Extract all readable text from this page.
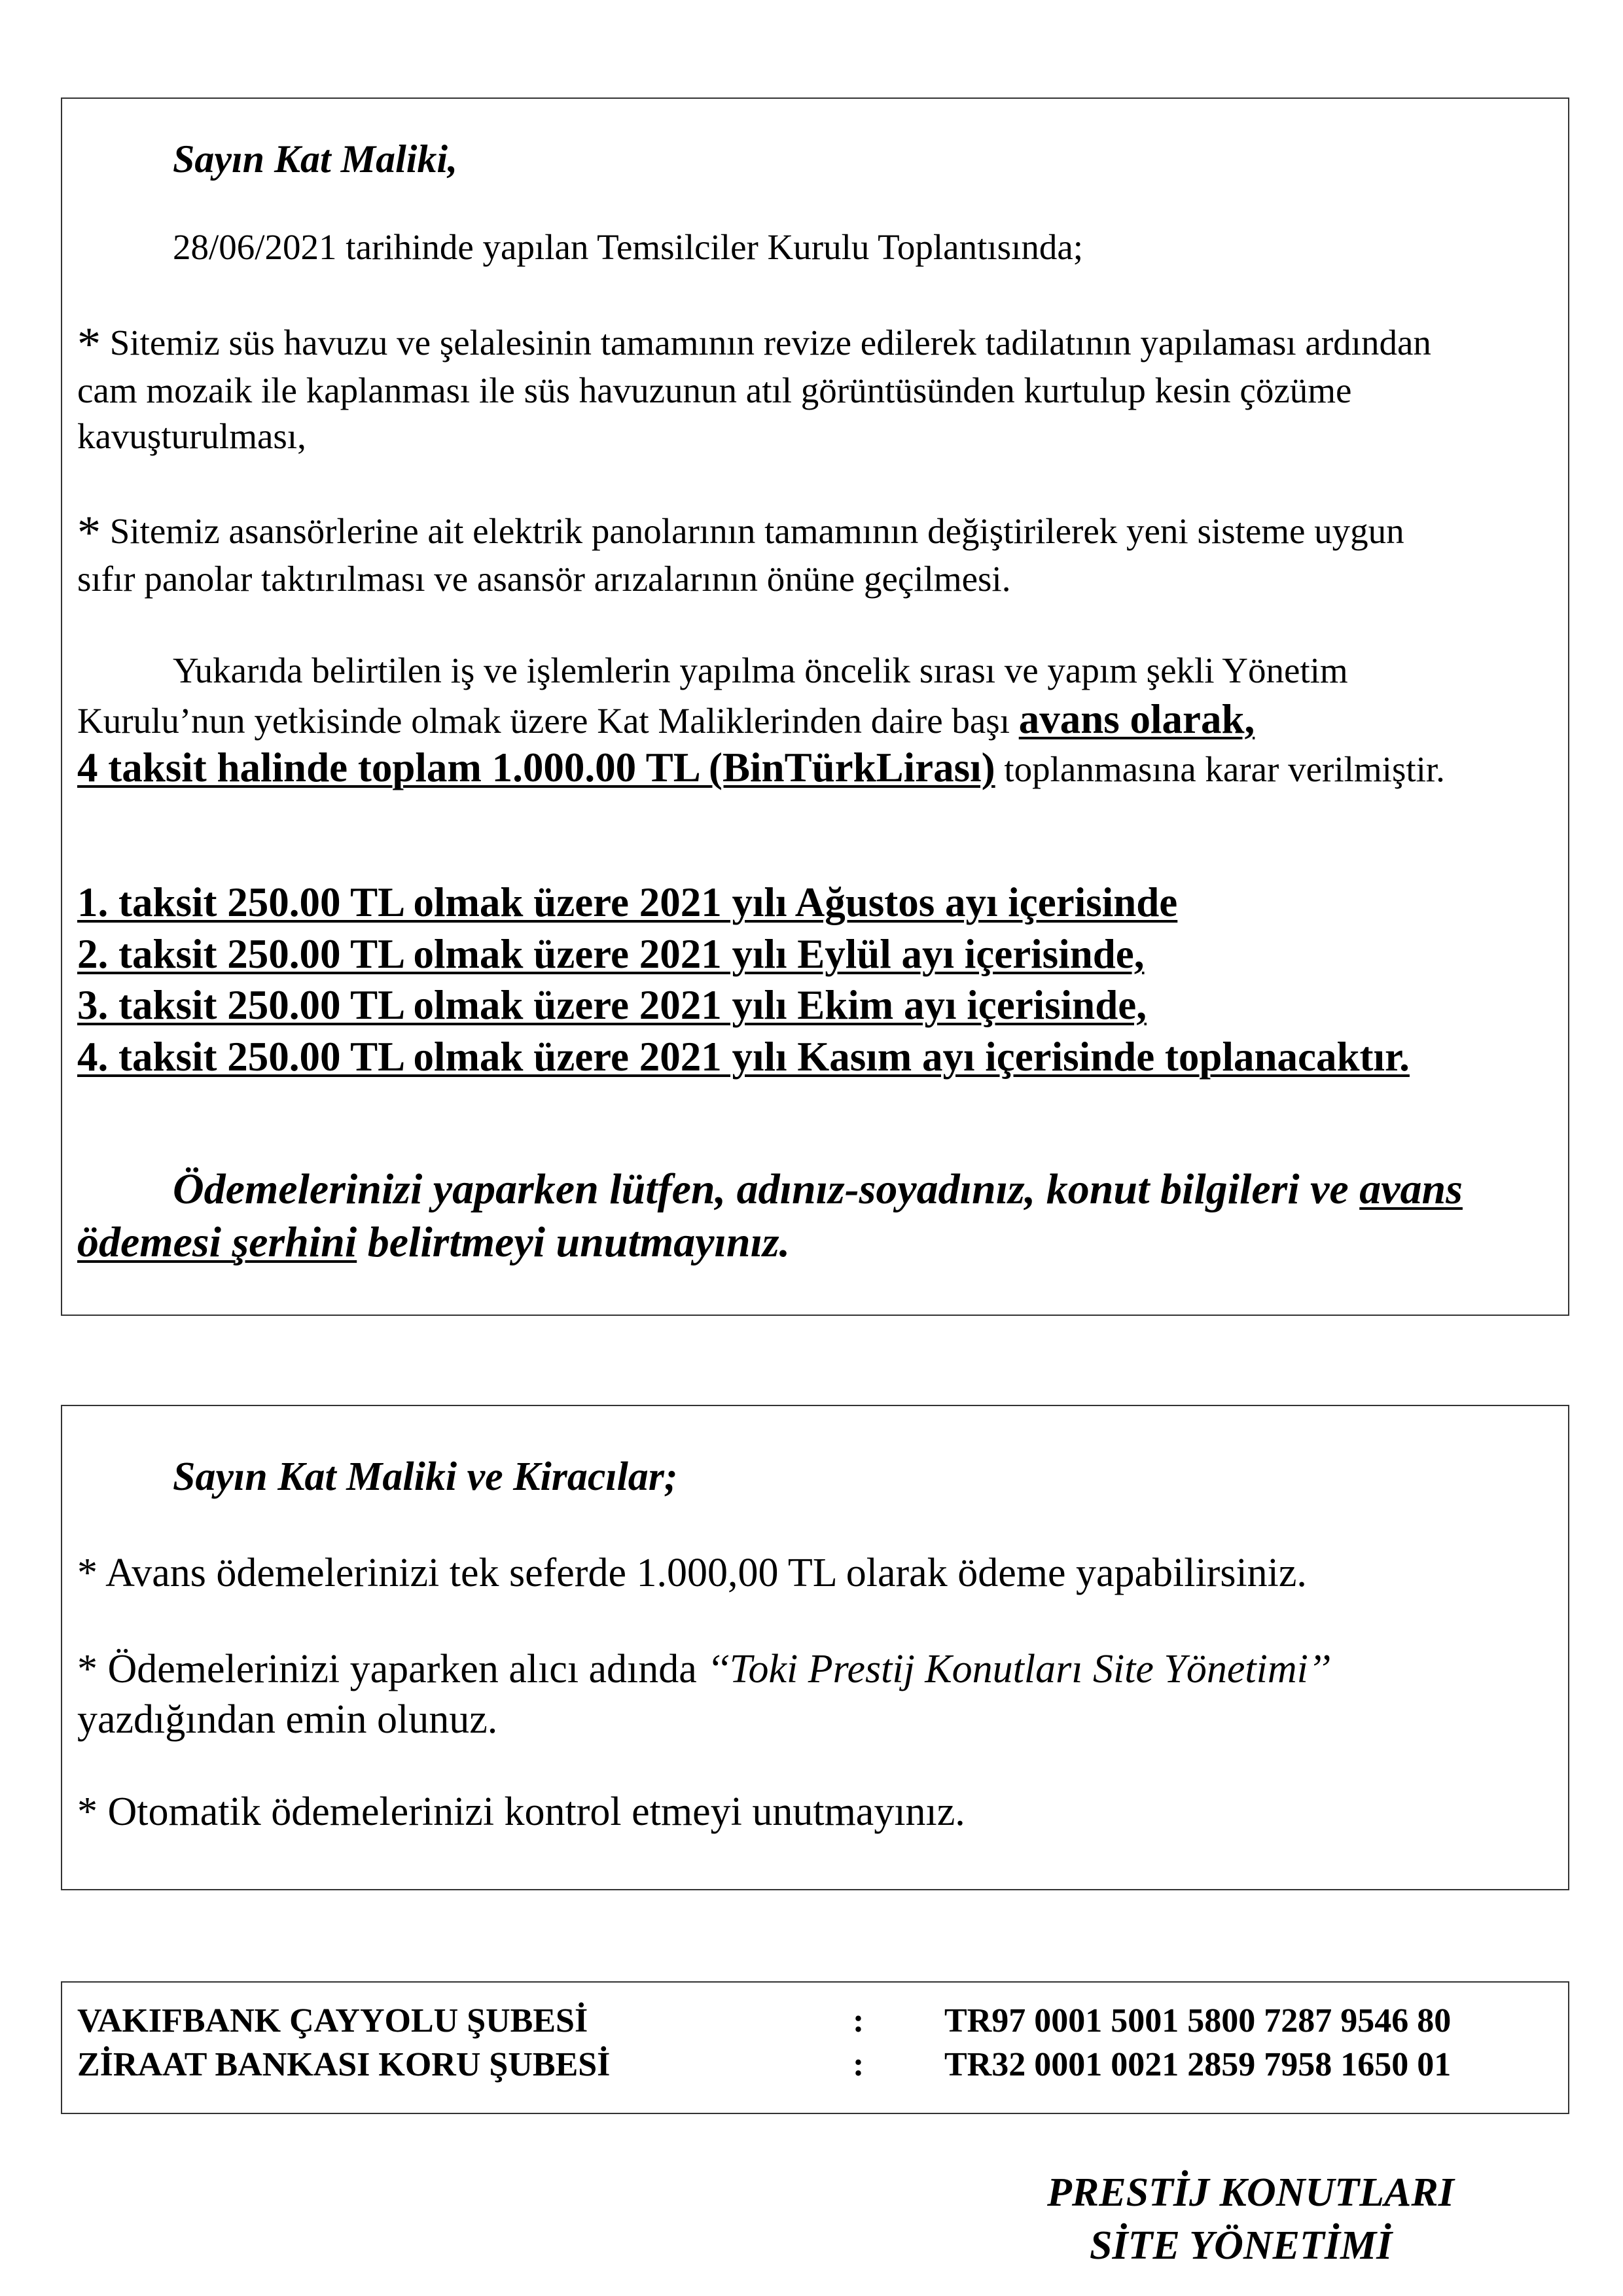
Sayın Kat Maliki,
28/06/2021 tarihinde yapılan Temsilciler Kurulu Toplantısında;
* Sitemiz süs havuzu ve şelalesinin tamamının revize edilerek tadilatının yapılaması ardından
cam mozaik ile kaplanması ile süs havuzunun atıl görüntüsünden kurtulup kesin çözüme
kavuşturulması,
* Sitemiz asansörlerine ait elektrik panolarının tamamının değiştirilerek yeni sisteme uygun
sıfır panolar taktırılması ve asansör arızalarının önüne geçilmesi.
Yukarıda belirtilen iş ve işlemlerin yapılma öncelik sırası ve yapım şekli Yönetim
Kurulu’nun yetkisinde olmak üzere Kat Maliklerinden daire başı avans olarak,
4 taksit halinde toplam 1.000.00 TL (BinTürkLirası) toplanmasına karar verilmiştir.
1. taksit 250.00 TL olmak üzere 2021 yılı Ağustos ayı içerisinde
2. taksit 250.00 TL olmak üzere 2021 yılı Eylül ayı içerisinde,
3. taksit 250.00 TL olmak üzere 2021 yılı Ekim ayı içerisinde,
4. taksit 250.00 TL olmak üzere 2021 yılı Kasım ayı içerisinde toplanacaktır.
Ödemelerinizi yaparken lütfen, adınız-soyadınız, konut bilgileri ve avans
ödemesi şerhini belirtmeyi unutmayınız.
Sayın Kat Maliki ve Kiracılar;
* Avans ödemelerinizi tek seferde 1.000,00 TL olarak ödeme yapabilirsiniz.
* Ödemelerinizi yaparken alıcı adında ‘‘Toki Prestij Konutları Site Yönetimi’’
yazdığından emin olunuz.
* Otomatik ödemelerinizi kontrol etmeyi unutmayınız.
VAKIFBANK ÇAYYOLU ŞUBESİ	: TR97 0001 5001 5800 7287 9546 80
ZİRAAT BANKASI KORU ŞUBESİ	: TR32 0001 0021 2859 7958 1650 01
PRESTİJ KONUTLARI
SİTE YÖNETİMİ
